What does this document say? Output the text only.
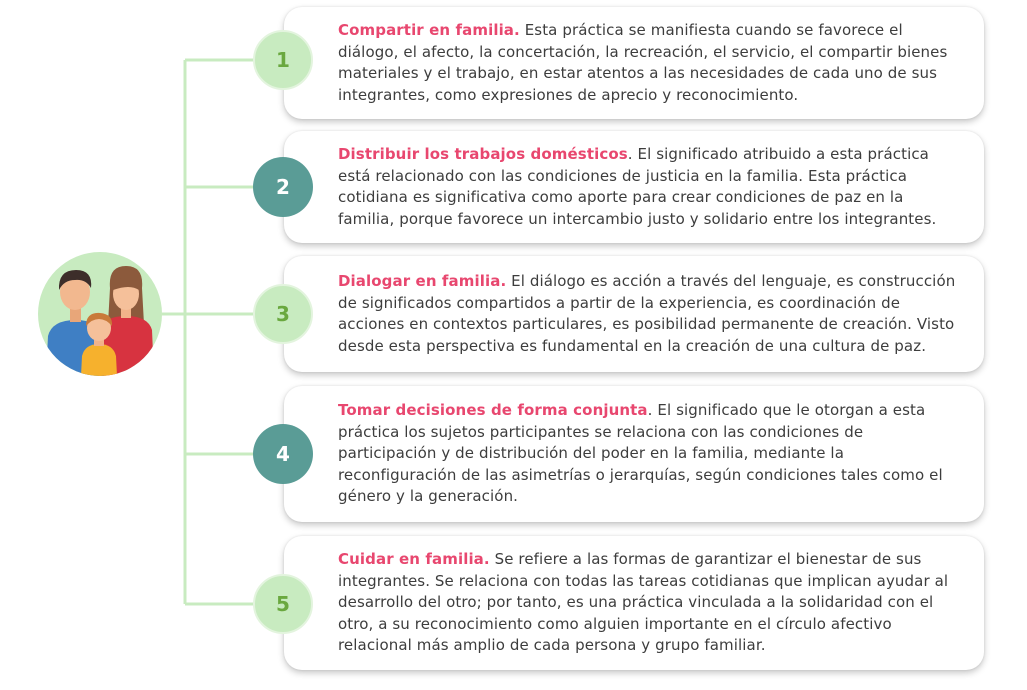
Compartir en familia. Esta práctica se manifiesta cuando se favorece el diálogo, el afecto, la concertación, la recreación, el servicio, el compartir bienes materiales y el trabajo, en estar atentos a las necesidades de cada uno de sus integrantes, como expresiones de aprecio y reconocimiento.

Distribuir los trabajos domésticos. El significado atribuido a esta práctica está relacionado con las condiciones de justicia en la familia. Esta práctica cotidiana es significativa como aporte para crear condiciones de paz en la familia, porque favorece un intercambio justo y solidario entre los integrantes.

Dialogar en familia. El diálogo es acción a través del lenguaje, es construcción de significados compartidos a partir de la experiencia, es coordinación de acciones en contextos particulares, es posibilidad permanente de creación. Visto desde esta perspectiva es fundamental en la creación de una cultura de paz.

Tomar decisiones de forma conjunta. El significado que le otorgan a esta práctica los sujetos participantes se relaciona con las condiciones de participación y de distribución del poder en la familia, mediante la reconfiguración de las asimetrías o jerarquías, según condiciones tales como el género y la generación.

Cuidar en familia. Se refiere a las formas de garantizar el bienestar de sus integrantes. Se relaciona con todas las tareas cotidianas que implican ayudar al desarrollo del otro; por tanto, es una práctica vinculada a la solidaridad con el otro, a su reconocimiento como alguien importante en el círculo afectivo relacional más amplio de cada persona y grupo familiar.

1
2
3
4
5
